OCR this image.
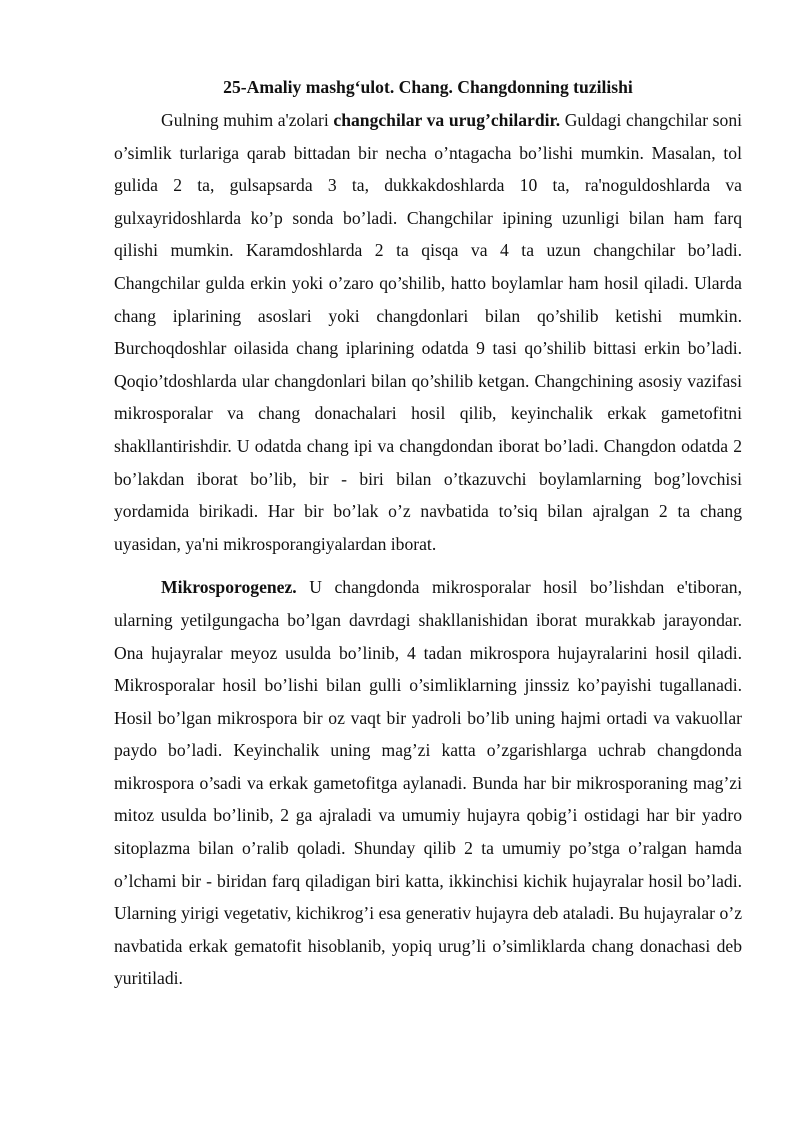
25-Amaliy mashg‘ulot. Chang. Changdonning tuzilishi

Gulning muhim a'zolari changchilar va urug’chilardir. Guldagi changchilar soni o’simlik turlariga qarab bittadan bir necha o’ntagacha bo’lishi mumkin. Masalan, tol gulida 2 ta, gulsapsarda 3 ta, dukkakdoshlarda 10 ta, ra'noguldoshlarda va gulxayridoshlarda ko’p sonda bo’ladi. Changchilar ipining uzunligi bilan ham farq qilishi mumkin. Karamdoshlarda 2 ta qisqa va 4 ta uzun changchilar bo’ladi. Changchilar gulda erkin yoki o’zaro qo’shilib, hatto boylamlar ham hosil qiladi. Ularda chang iplarining asoslari yoki changdonlari bilan qo’shilib ketishi mumkin. Burchoqdoshlar oilasida chang iplarining odatda 9 tasi qo’shilib bittasi erkin bo’ladi. Qoqio’tdoshlarda ular changdonlari bilan qo’shilib ketgan. Changchining asosiy vazifasi mikrosporalar va chang donachalari hosil qilib, keyinchalik erkak gametofitni shakllantirishdir. U odatda chang ipi va changdondan iborat bo’ladi. Changdon odatda 2 bo’lakdan iborat bo’lib, bir - biri bilan o’tkazuvchi boylamlarning bog’lovchisi yordamida birikadi. Har bir bo’lak o’z navbatida to’siq bilan ajralgan 2 ta chang uyasidan, ya'ni mikrosporangiyalardan iborat.

Mikrosporogenez. U changdonda mikrosporalar hosil bo’lishdan e'tiboran, ularning yetilgungacha bo’lgan davrdagi shakllanishidan iborat murakkab jarayondar. Ona hujayralar meyoz usulda bo’linib, 4 tadan mikrospora hujayralarini hosil qiladi. Mikrosporalar hosil bo’lishi bilan gulli o’simliklarning jinssiz ko’payishi tugallanadi. Hosil bo’lgan mikrospora bir oz vaqt bir yadroli bo’lib uning hajmi ortadi va vakuollar paydo bo’ladi. Keyinchalik uning mag’zi katta o’zgarishlarga uchrab changdonda mikrospora o’sadi va erkak gametofitga aylanadi. Bunda har bir mikrosporaning mag’zi mitoz usulda bo’linib, 2 ga ajraladi va umumiy hujayra qobig’i ostidagi har bir yadro sitoplazma bilan o’ralib qoladi. Shunday qilib 2 ta umumiy po’stga o’ralgan hamda o’lchami bir - biridan farq qiladigan biri katta, ikkinchisi kichik hujayralar hosil bo’ladi. Ularning yirigi vegetativ, kichikrog’i esa generativ hujayra deb ataladi. Bu hujayralar o’z navbatida erkak gematofit hisoblanib, yopiq urug’li o’simliklarda chang donachasi deb yuritiladi.
